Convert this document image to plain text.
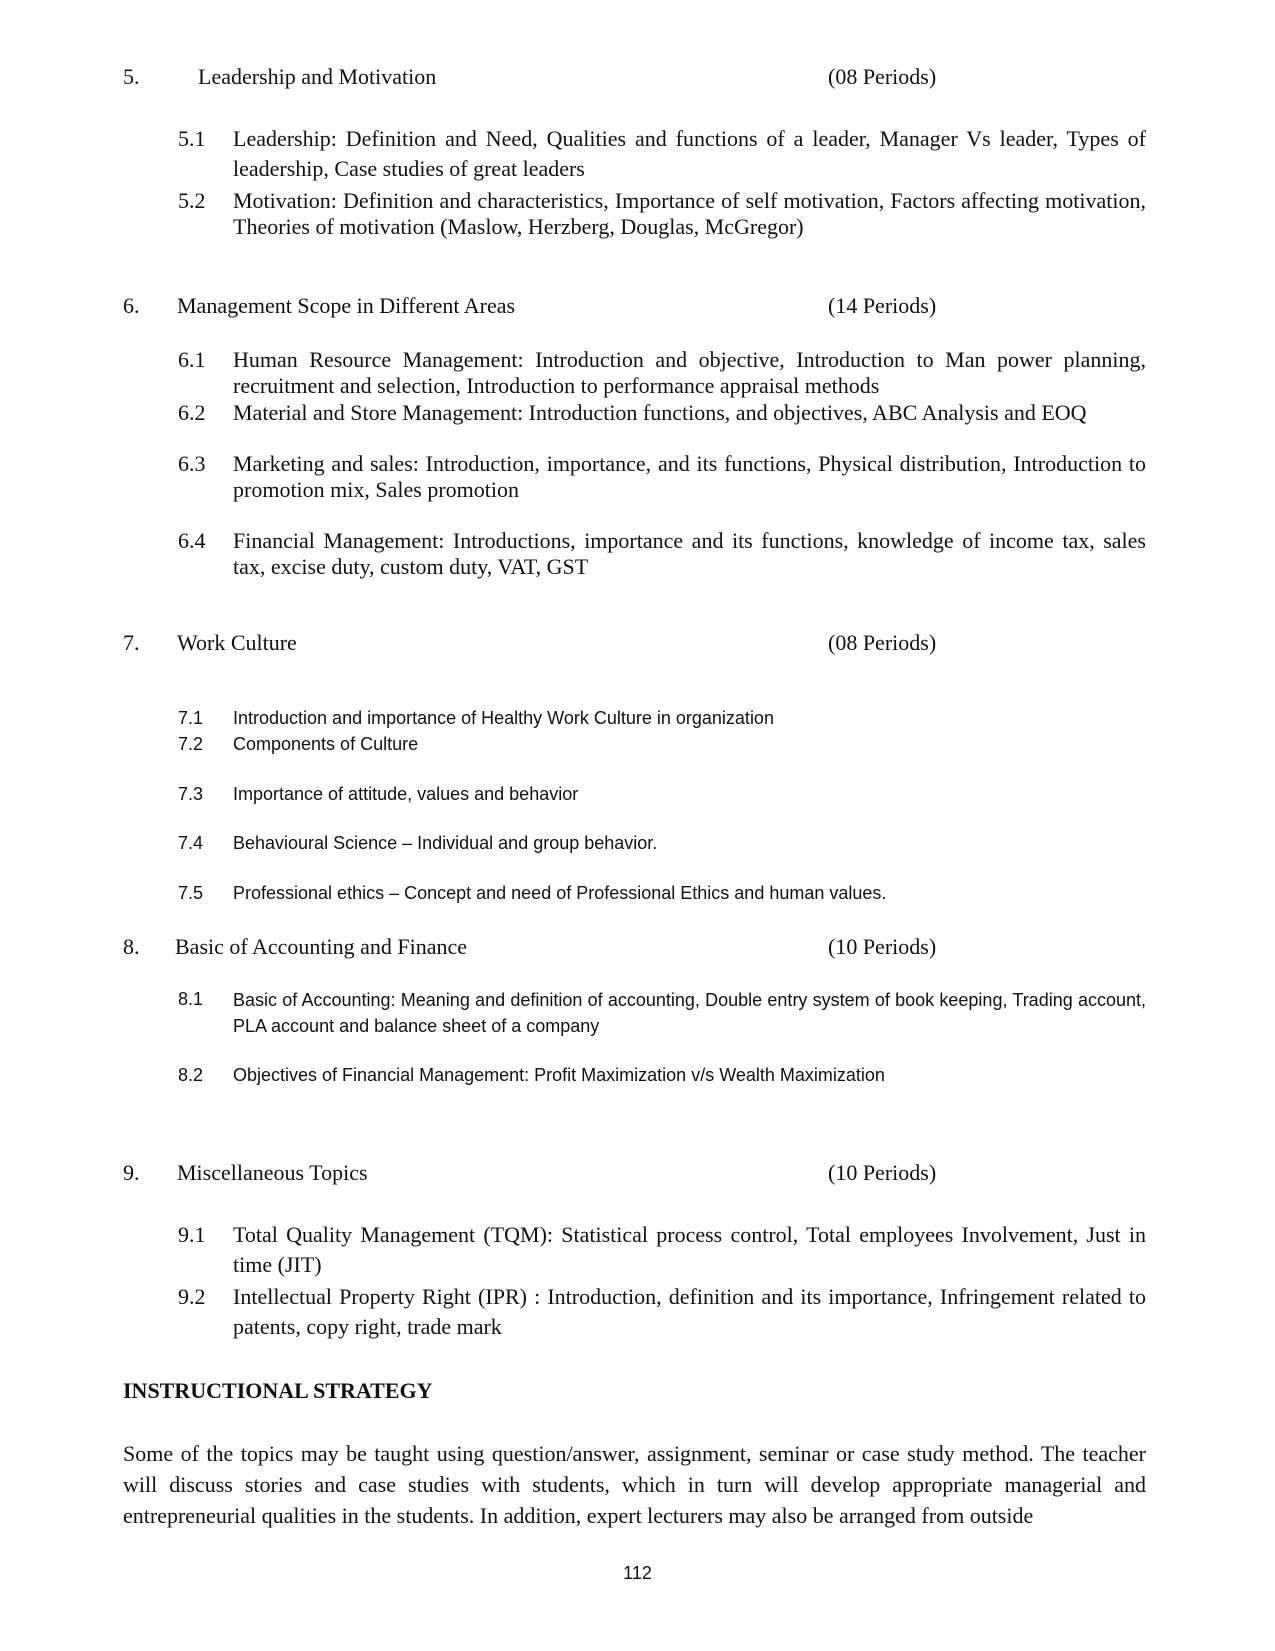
5.	Leadership and Motivation	(08 Periods)
5.1 Leadership: Definition and Need, Qualities and functions of a leader, Manager Vs leader, Types of leadership, Case studies of great leaders
5.2 Motivation: Definition and characteristics, Importance of self motivation, Factors affecting motivation, Theories of motivation (Maslow, Herzberg, Douglas, McGregor)
6. Management Scope in Different Areas	(14 Periods)
6.1 Human Resource Management: Introduction and objective, Introduction to Man power planning, recruitment and selection, Introduction to performance appraisal methods
6.2 Material and Store Management: Introduction functions, and objectives, ABC Analysis and EOQ
6.3 Marketing and sales: Introduction, importance, and its functions, Physical distribution, Introduction to promotion mix, Sales promotion
6.4 Financial Management: Introductions, importance and its functions, knowledge of income tax, sales tax, excise duty, custom duty, VAT, GST
7. Work Culture	(08 Periods)
7.1 Introduction and importance of Healthy Work Culture in organization
7.2 Components of Culture
7.3 Importance of attitude, values and behavior
7.4 Behavioural Science – Individual and group behavior.
7.5 Professional ethics – Concept and need of Professional Ethics and human values.
8. Basic of Accounting and Finance	(10 Periods)
8.1 Basic of Accounting: Meaning and definition of accounting, Double entry system of book keeping, Trading account, PLA account and balance sheet of a company
8.2 Objectives of Financial Management: Profit Maximization v/s Wealth Maximization
9. Miscellaneous Topics	(10 Periods)
9.1 Total Quality Management (TQM): Statistical process control, Total employees Involvement, Just in time (JIT)
9.2 Intellectual Property Right (IPR) : Introduction, definition and its importance, Infringement related to patents, copy right, trade mark
INSTRUCTIONAL STRATEGY
Some of the topics may be taught using question/answer, assignment, seminar or case study method. The teacher will discuss stories and case studies with students, which in turn will develop appropriate managerial and entrepreneurial qualities in the students. In addition, expert lecturers may also be arranged from outside
112
